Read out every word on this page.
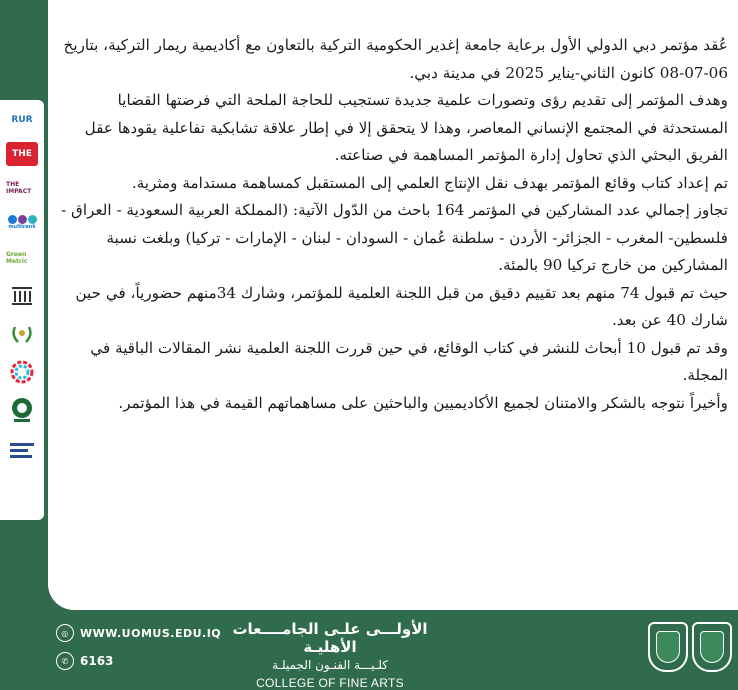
RUR
THE
THE IMPACT
multirank
Green Metric

عُقد مؤتمر دبي الدولي الأول برعاية جامعة إغدير الحكومية التركية بالتعاون مع أكاديمية ريمار التركية، بتاريخ 06-07-08 كانون الثاني-يناير 2025 في مدينة دبي.

وهدف المؤتمر إلى تقديم رؤى وتصورات علمية جديدة تستجيب للحاجة الملحة التي فرضتها القضايا المستحدثة في المجتمع الإنساني المعاصر، وهذا لا يتحقق إلا في إطار علاقة تشابكية تفاعلية يقودها عقل الفريق البحثي الذي تحاول إدارة المؤتمر المساهمة في صناعته.

تم إعداد كتاب وقائع المؤتمر بهدف نقل الإنتاج العلمي إلى المستقبل كمساهمة مستدامة ومثرية.

تجاوز إجمالي عدد المشاركين في المؤتمر 164 باحث من الدّول الآتية: (المملكة العربية السعودية - العراق - فلسطين- المغرب - الجزائر- الأردن - سلطنة عُمان - السودان - لبنان - الإمارات - تركيا) وبلغت نسبة المشاركين من خارج تركيا 90 بالمئة.

حيث تم قبول 74 منهم بعد تقييم دقيق من قبل اللجنة العلمية للمؤتمر، وشارك 34منهم حضورياً، في حين شارك 40 عن بعد.

وقد تم قبول 10 أبحاث للنشر في كتاب الوقائع، في حين قررت اللجنة العلمية نشر المقالات الباقية في المجلة.

وأخيراً نتوجه بالشكر والامتنان لجميع الأكاديميين والباحثين على مساهماتهم القيمة في هذا المؤتمر.

◎	WWW.UOMUS.EDU.IQ
✆ 6163
الأولـــى علـى الجامــــعات الأهليـة
كلـيـــة الفنـون الجميلـة
COLLEGE OF FINE ARTS
